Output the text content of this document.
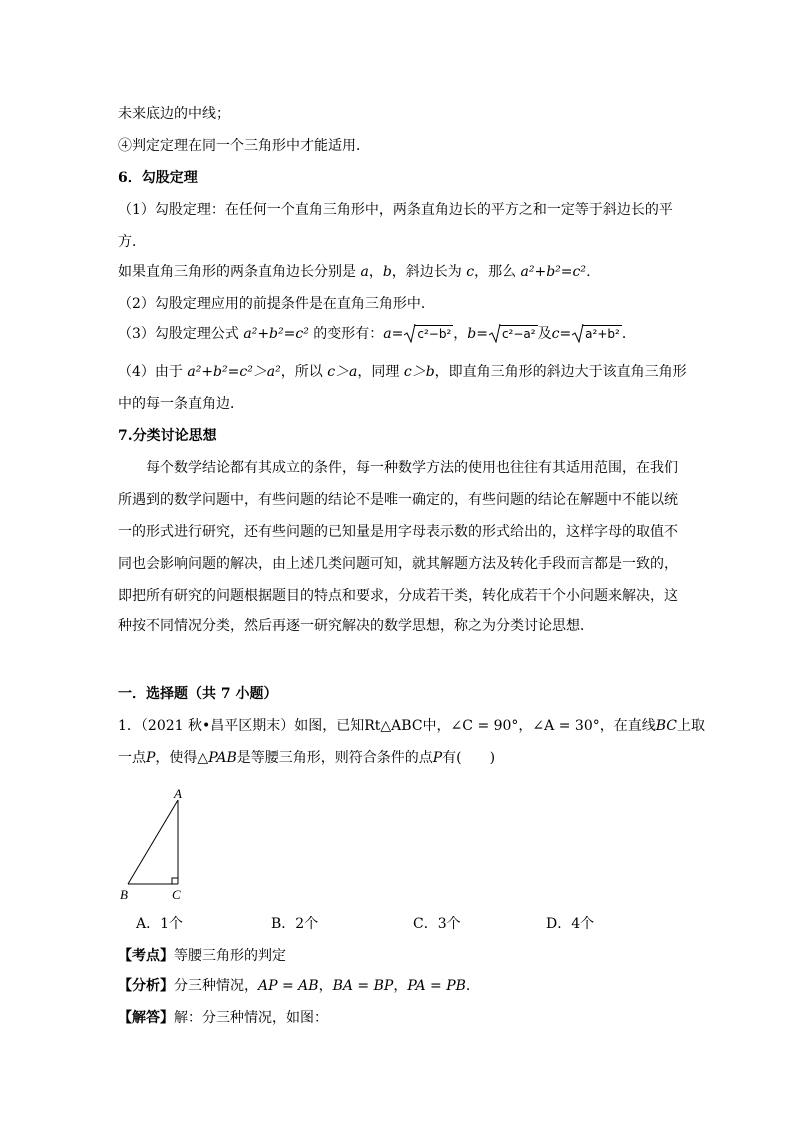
未来底边的中线；
④判定定理在同一个三角形中才能适用．
6．勾股定理
（1）勾股定理：在任何一个直角三角形中，两条直角边长的平方之和一定等于斜边长的平
方．
如果直角三角形的两条直角边长分别是 a，b，斜边长为 c，那么 a²+b²=c²．
（2）勾股定理应用的前提条件是在直角三角形中．
（3）勾股定理公式 a²+b²=c² 的变形有：a= c²−b² ，b= c²−a² 及c= a²+b² ．
（4）由于 a²+b²=c²＞a²，所以 c＞a，同理 c＞b，即直角三角形的斜边大于该直角三角形
中的每一条直角边．
7.分类讨论思想
每个数学结论都有其成立的条件，每一种数学方法的使用也往往有其适用范围，在我们
所遇到的数学问题中，有些问题的结论不是唯一确定的，有些问题的结论在解题中不能以统
一的形式进行研究，还有些问题的已知量是用字母表示数的形式给出的，这样字母的取值不
同也会影响问题的解决，由上述几类问题可知，就其解题方法及转化手段而言都是一致的，
即把所有研究的问题根据题目的特点和要求，分成若干类，转化成若干个小问题来解决，这
种按不同情况分类，然后再逐一研究解决的数学思想，称之为分类讨论思想．
一．选择题（共 7 小题）
1．（2021 秋•昌平区期末）如图，已知Rt△ABC中，∠C = 90°，∠A = 30°，在直线BC上取
一点P，使得△PAB是等腰三角形，则符合条件的点P有(　　)
A
B	C
A．1个	B．2个	C．3个	D．4个
【考点】等腰三角形的判定
【分析】分三种情况，AP = AB，BA = BP，PA = PB．
【解答】解：分三种情况，如图：
